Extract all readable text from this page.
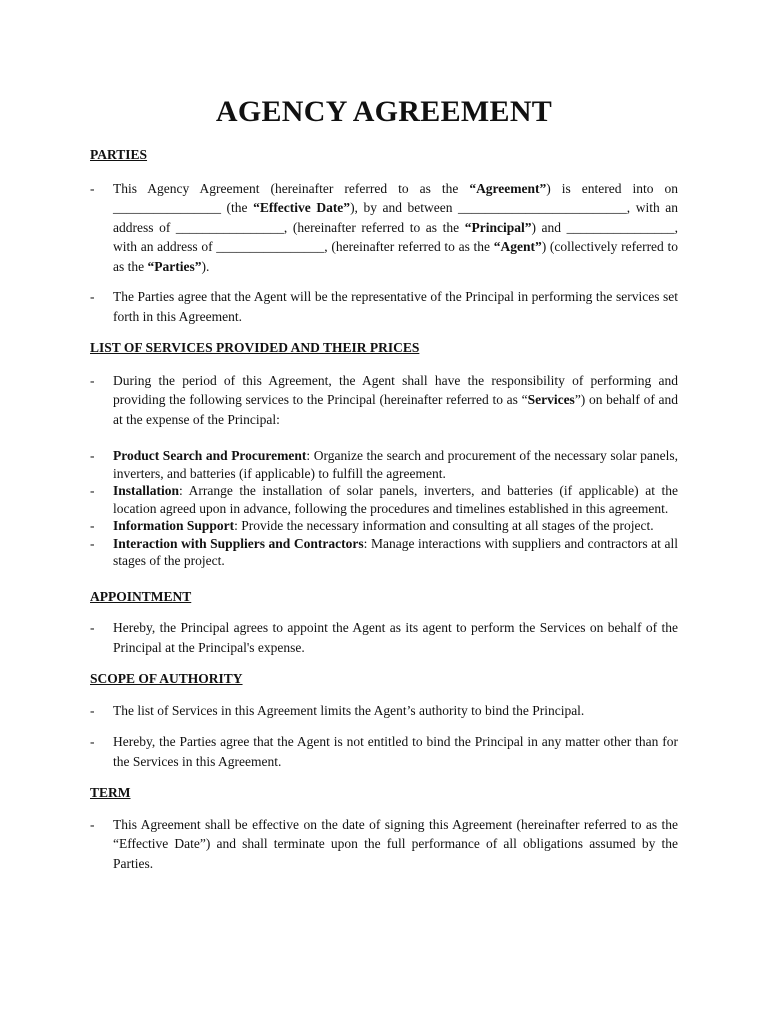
AGENCY AGREEMENT

PARTIES

- This Agency Agreement (hereinafter referred to as the “Agreement”) is entered into on ________________ (the “Effective Date”), by and between _________________________, with an address of ________________, (hereinafter referred to as the “Principal”) and ________________, with an address of ________________, (hereinafter referred to as the “Agent”) (collectively referred to as the “Parties”).
- The Parties agree that the Agent will be the representative of the Principal in performing the services set forth in this Agreement.

LIST OF SERVICES PROVIDED AND THEIR PRICES

- During the period of this Agreement, the Agent shall have the responsibility of performing and providing the following services to the Principal (hereinafter referred to as “Services”) on behalf of and at the expense of the Principal:
- Product Search and Procurement: Organize the search and procurement of the necessary solar panels, inverters, and batteries (if applicable) to fulfill the agreement.
- Installation: Arrange the installation of solar panels, inverters, and batteries (if applicable) at the location agreed upon in advance, following the procedures and timelines established in this agreement.
- Information Support: Provide the necessary information and consulting at all stages of the project.
- Interaction with Suppliers and Contractors: Manage interactions with suppliers and contractors at all stages of the project.

APPOINTMENT

- Hereby, the Principal agrees to appoint the Agent as its agent to perform the Services on behalf of the Principal at the Principal's expense.

SCOPE OF AUTHORITY

- The list of Services in this Agreement limits the Agent’s authority to bind the Principal.
- Hereby, the Parties agree that the Agent is not entitled to bind the Principal in any matter other than for the Services in this Agreement.

TERM

- This Agreement shall be effective on the date of signing this Agreement (hereinafter referred to as the “Effective Date”) and shall terminate upon the full performance of all obligations assumed by the Parties.
